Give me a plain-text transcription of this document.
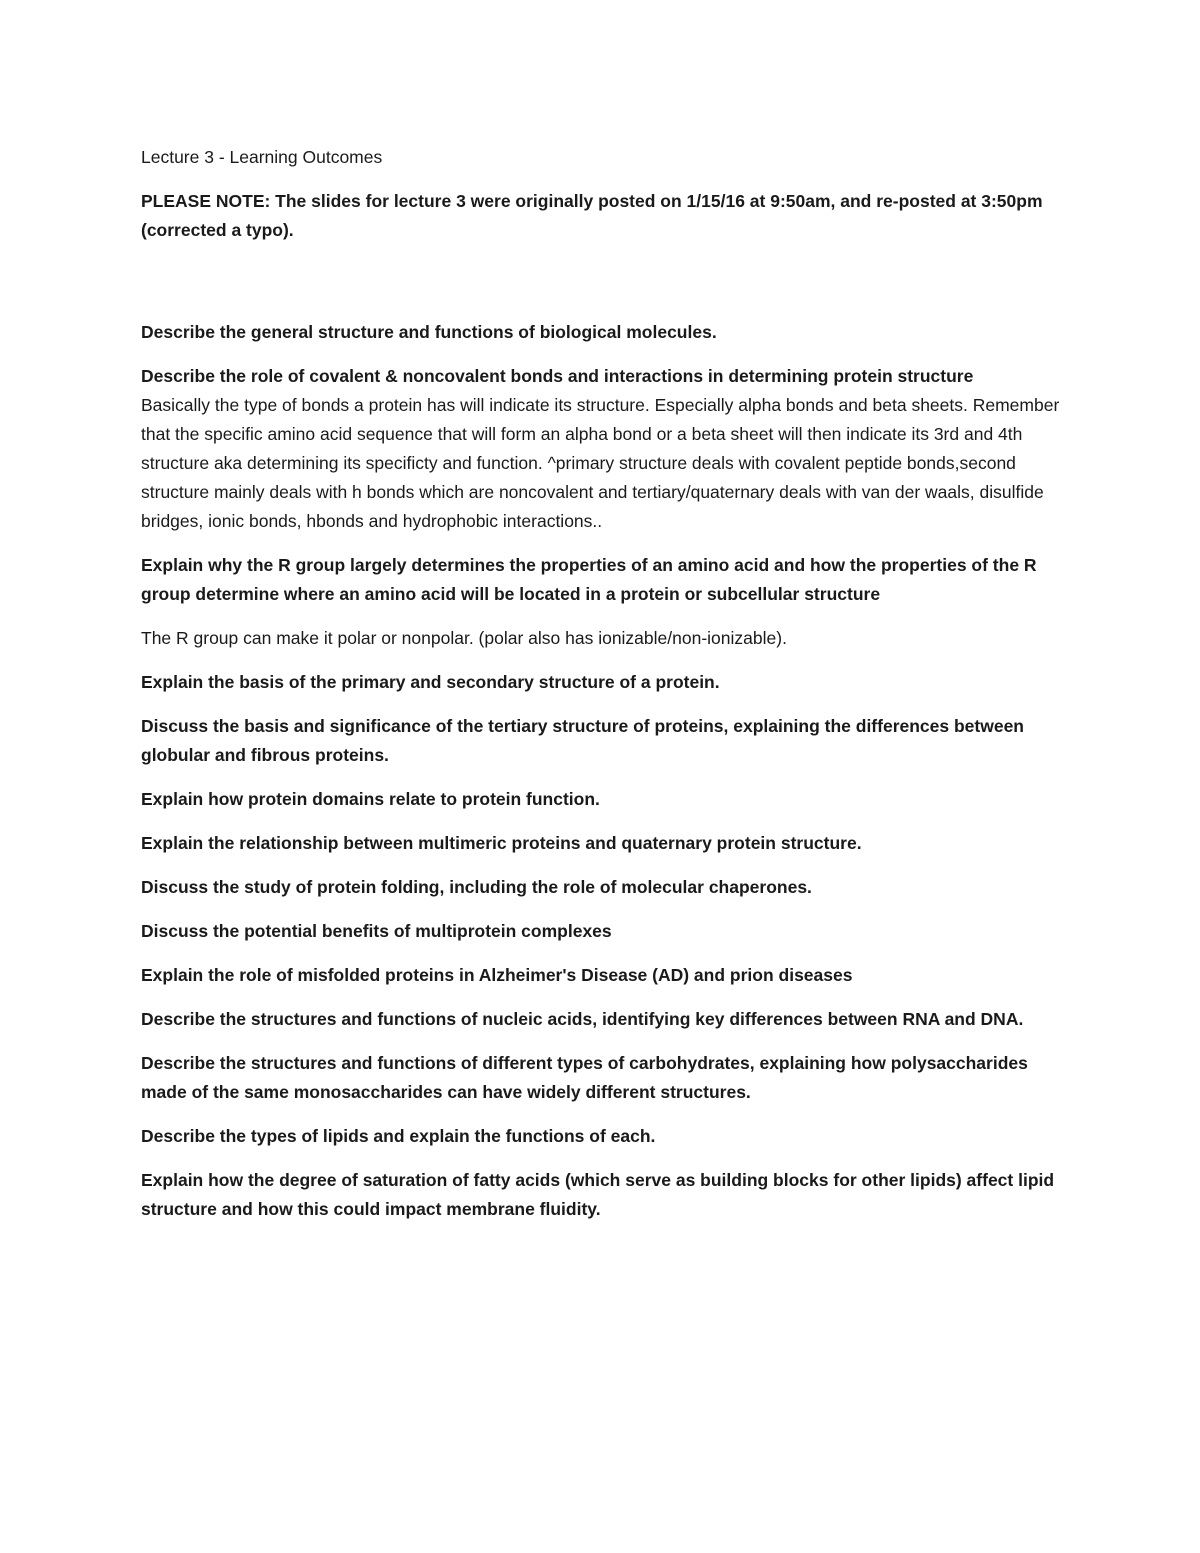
Lecture 3 - Learning Outcomes

PLEASE NOTE: The slides for lecture 3 were originally posted on 1/15/16 at 9:50am, and re-posted at 3:50pm (corrected a typo).

Describe the general structure and functions of biological molecules.
Describe the role of covalent & noncovalent bonds and interactions in determining protein structure
Basically the type of bonds a protein has will indicate its structure. Especially alpha bonds and beta sheets. Remember that the specific amino acid sequence that will form an alpha bond or a beta sheet will then indicate its 3rd and 4th structure aka determining its specificty and function. ^primary structure deals with covalent peptide bonds,second structure mainly deals with h bonds which are noncovalent and tertiary/quaternary deals with van der waals, disulfide bridges, ionic bonds, hbonds and hydrophobic interactions..
Explain why the R group largely determines the properties of an amino acid and how the properties of the R group determine where an amino acid will be located in a protein or subcellular structure
The R group can make it polar or nonpolar. (polar also has ionizable/non-ionizable).
Explain the basis of the primary and secondary structure of a protein.
Discuss the basis and significance of the tertiary structure of proteins, explaining the differences between globular and fibrous proteins.
Explain how protein domains relate to protein function.
Explain the relationship between multimeric proteins and quaternary protein structure.
Discuss the study of protein folding, including the role of molecular chaperones.
Discuss the potential benefits of multiprotein complexes
Explain the role of misfolded proteins in Alzheimer's Disease (AD) and prion diseases
Describe the structures and functions of nucleic acids, identifying key differences between RNA and DNA.
Describe the structures and functions of different types of carbohydrates, explaining how polysaccharides made of the same monosaccharides can have widely different structures.
Describe the types of lipids and explain the functions of each.
Explain how the degree of saturation of fatty acids (which serve as building blocks for other lipids) affect lipid structure and how this could impact membrane fluidity.
